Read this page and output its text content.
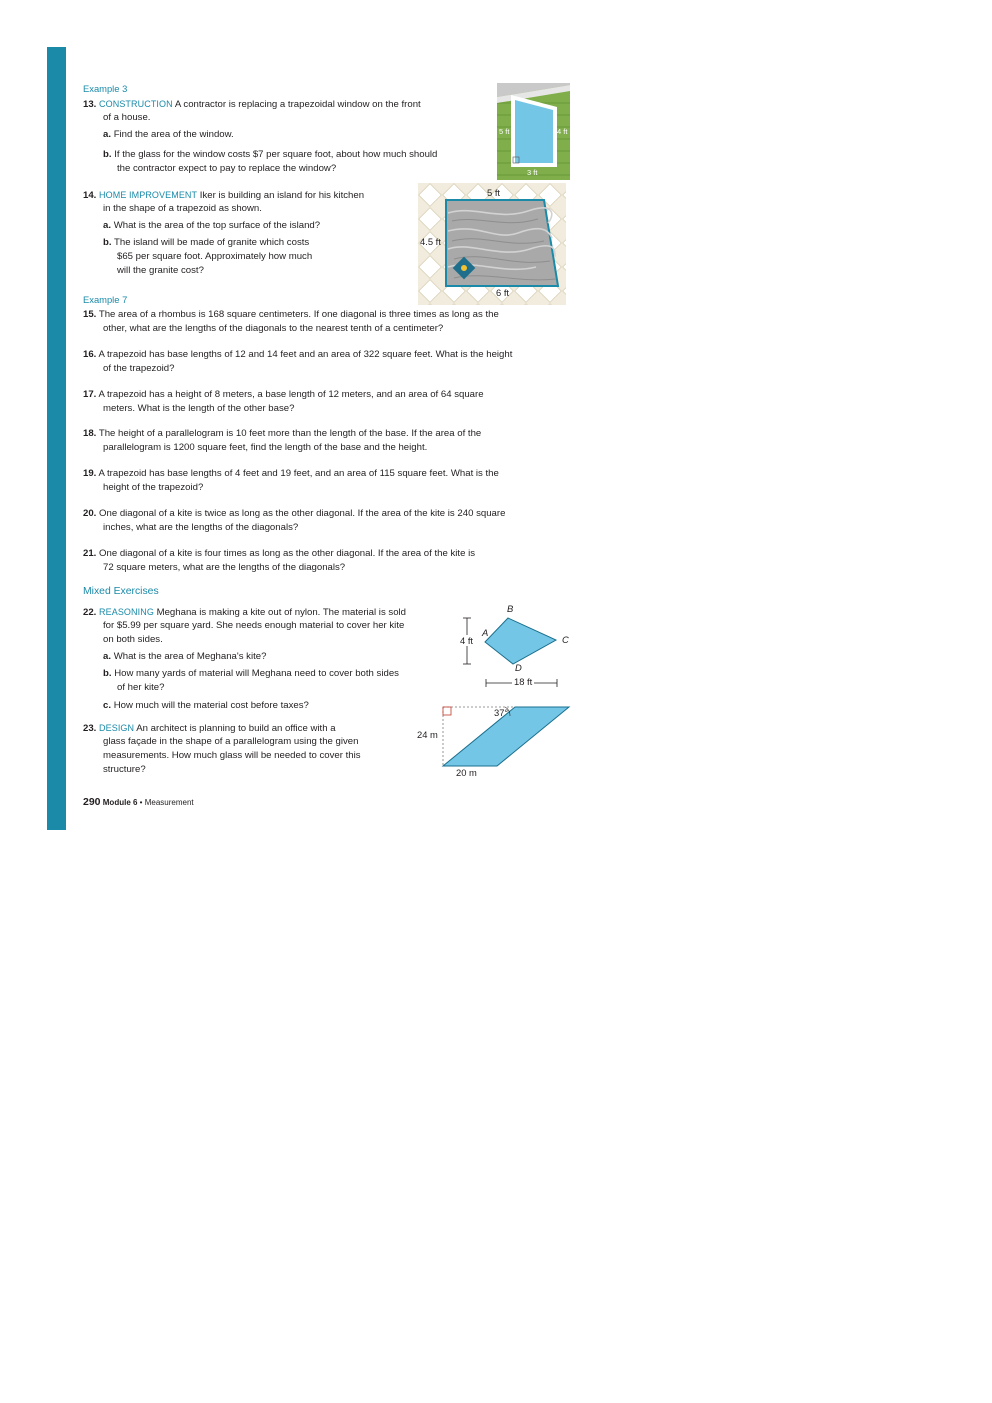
Example 3
13. CONSTRUCTION A contractor is replacing a trapezoidal window on the front
of a house.
a. Find the area of the window.
b. If the glass for the window costs $7 per square foot, about how much should
the contractor expect to pay to replace the window?
5 ft	4 ft
3 ft
14. HOME IMPROVEMENT Iker is building an island for his kitchen
in the shape of a trapezoid as shown.
a. What is the area of the top surface of the island?
b. The island will be made of granite which costs
$65 per square foot. Approximately how much
will the granite cost?
5 ft
4.5 ft
6 ft
Example 7
15. The area of a rhombus is 168 square centimeters. If one diagonal is three times as long as the
other, what are the lengths of the diagonals to the nearest tenth of a centimeter?
16. A trapezoid has base lengths of 12 and 14 feet and an area of 322 square feet. What is the height
of the trapezoid?
17. A trapezoid has a height of 8 meters, a base length of 12 meters, and an area of 64 square
meters. What is the length of the other base?
18. The height of a parallelogram is 10 feet more than the length of the base. If the area of the
parallelogram is 1200 square feet, find the length of the base and the height.
19. A trapezoid has base lengths of 4 feet and 19 feet, and an area of 115 square feet. What is the
height of the trapezoid?
20. One diagonal of a kite is twice as long as the other diagonal. If the area of the kite is 240 square
inches, what are the lengths of the diagonals?
21. One diagonal of a kite is four times as long as the other diagonal. If the area of the kite is
72 square meters, what are the lengths of the diagonals?
Mixed Exercises
22. REASONING Meghana is making a kite out of nylon. The material is sold
for $5.99 per square yard. She needs enough material to cover her kite
on both sides.
a. What is the area of Meghana's kite?
b. How many yards of material will Meghana need to cover both sides
of her kite?
c. How much will the material cost before taxes?
B
A
C
D
4 ft
18 ft
23. DESIGN An architect is planning to build an office with a
glass façade in the shape of a parallelogram using the given
measurements. How much glass will be needed to cover this
structure?
37°
24 m
20 m
290 Module 6 • Measurement
